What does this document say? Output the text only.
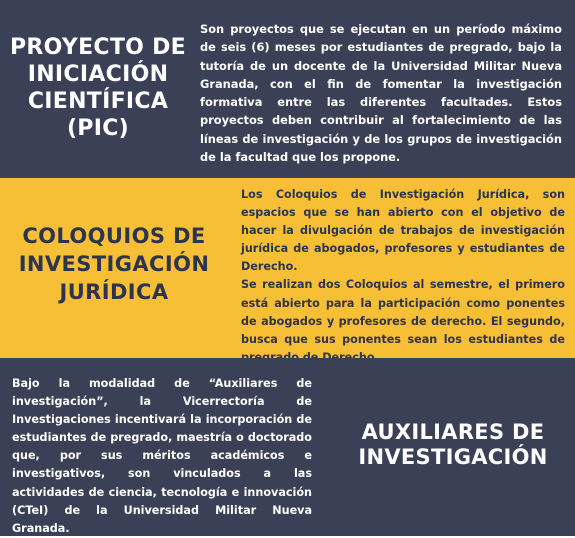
PROYECTO DE
INICIACIÓN
CIENTÍFICA
(PIC)

Son proyectos que se ejecutan en un período máximo de seis (6) meses por estudiantes de pregrado, bajo la tutoría de un docente de la Universidad Militar Nueva Granada, con el fin de fomentar la investigación formativa entre las diferentes facultades. Estos proyectos deben contribuir al fortalecimiento de las líneas de investigación y de los grupos de investigación de la facultad que los propone.

COLOQUIOS DE
INVESTIGACIÓN
JURÍDICA

Los Coloquios de Investigación Jurídica, son espacios que se han abierto con el objetivo de hacer la divulgación de trabajos de investigación jurídica de abogados, profesores y estudiantes de Derecho.

Se realizan dos Coloquios al semestre, el primero está abierto para la participación como ponentes de abogados y profesores de derecho. El segundo, busca que sus ponentes sean los estudiantes de

Bajo la modalidad de “Auxiliares de investigación”, la Vicerrectoría de Investigaciones incentivará la incorporación de estudiantes de pregrado, maestría o doctorado que, por sus méritos académicos e investigativos, son vinculados a las actividades de ciencia, tecnología e innovación (CTeI) de la Universidad Militar Nueva Granada.

AUXILIARES DE
INVESTIGACIÓN
